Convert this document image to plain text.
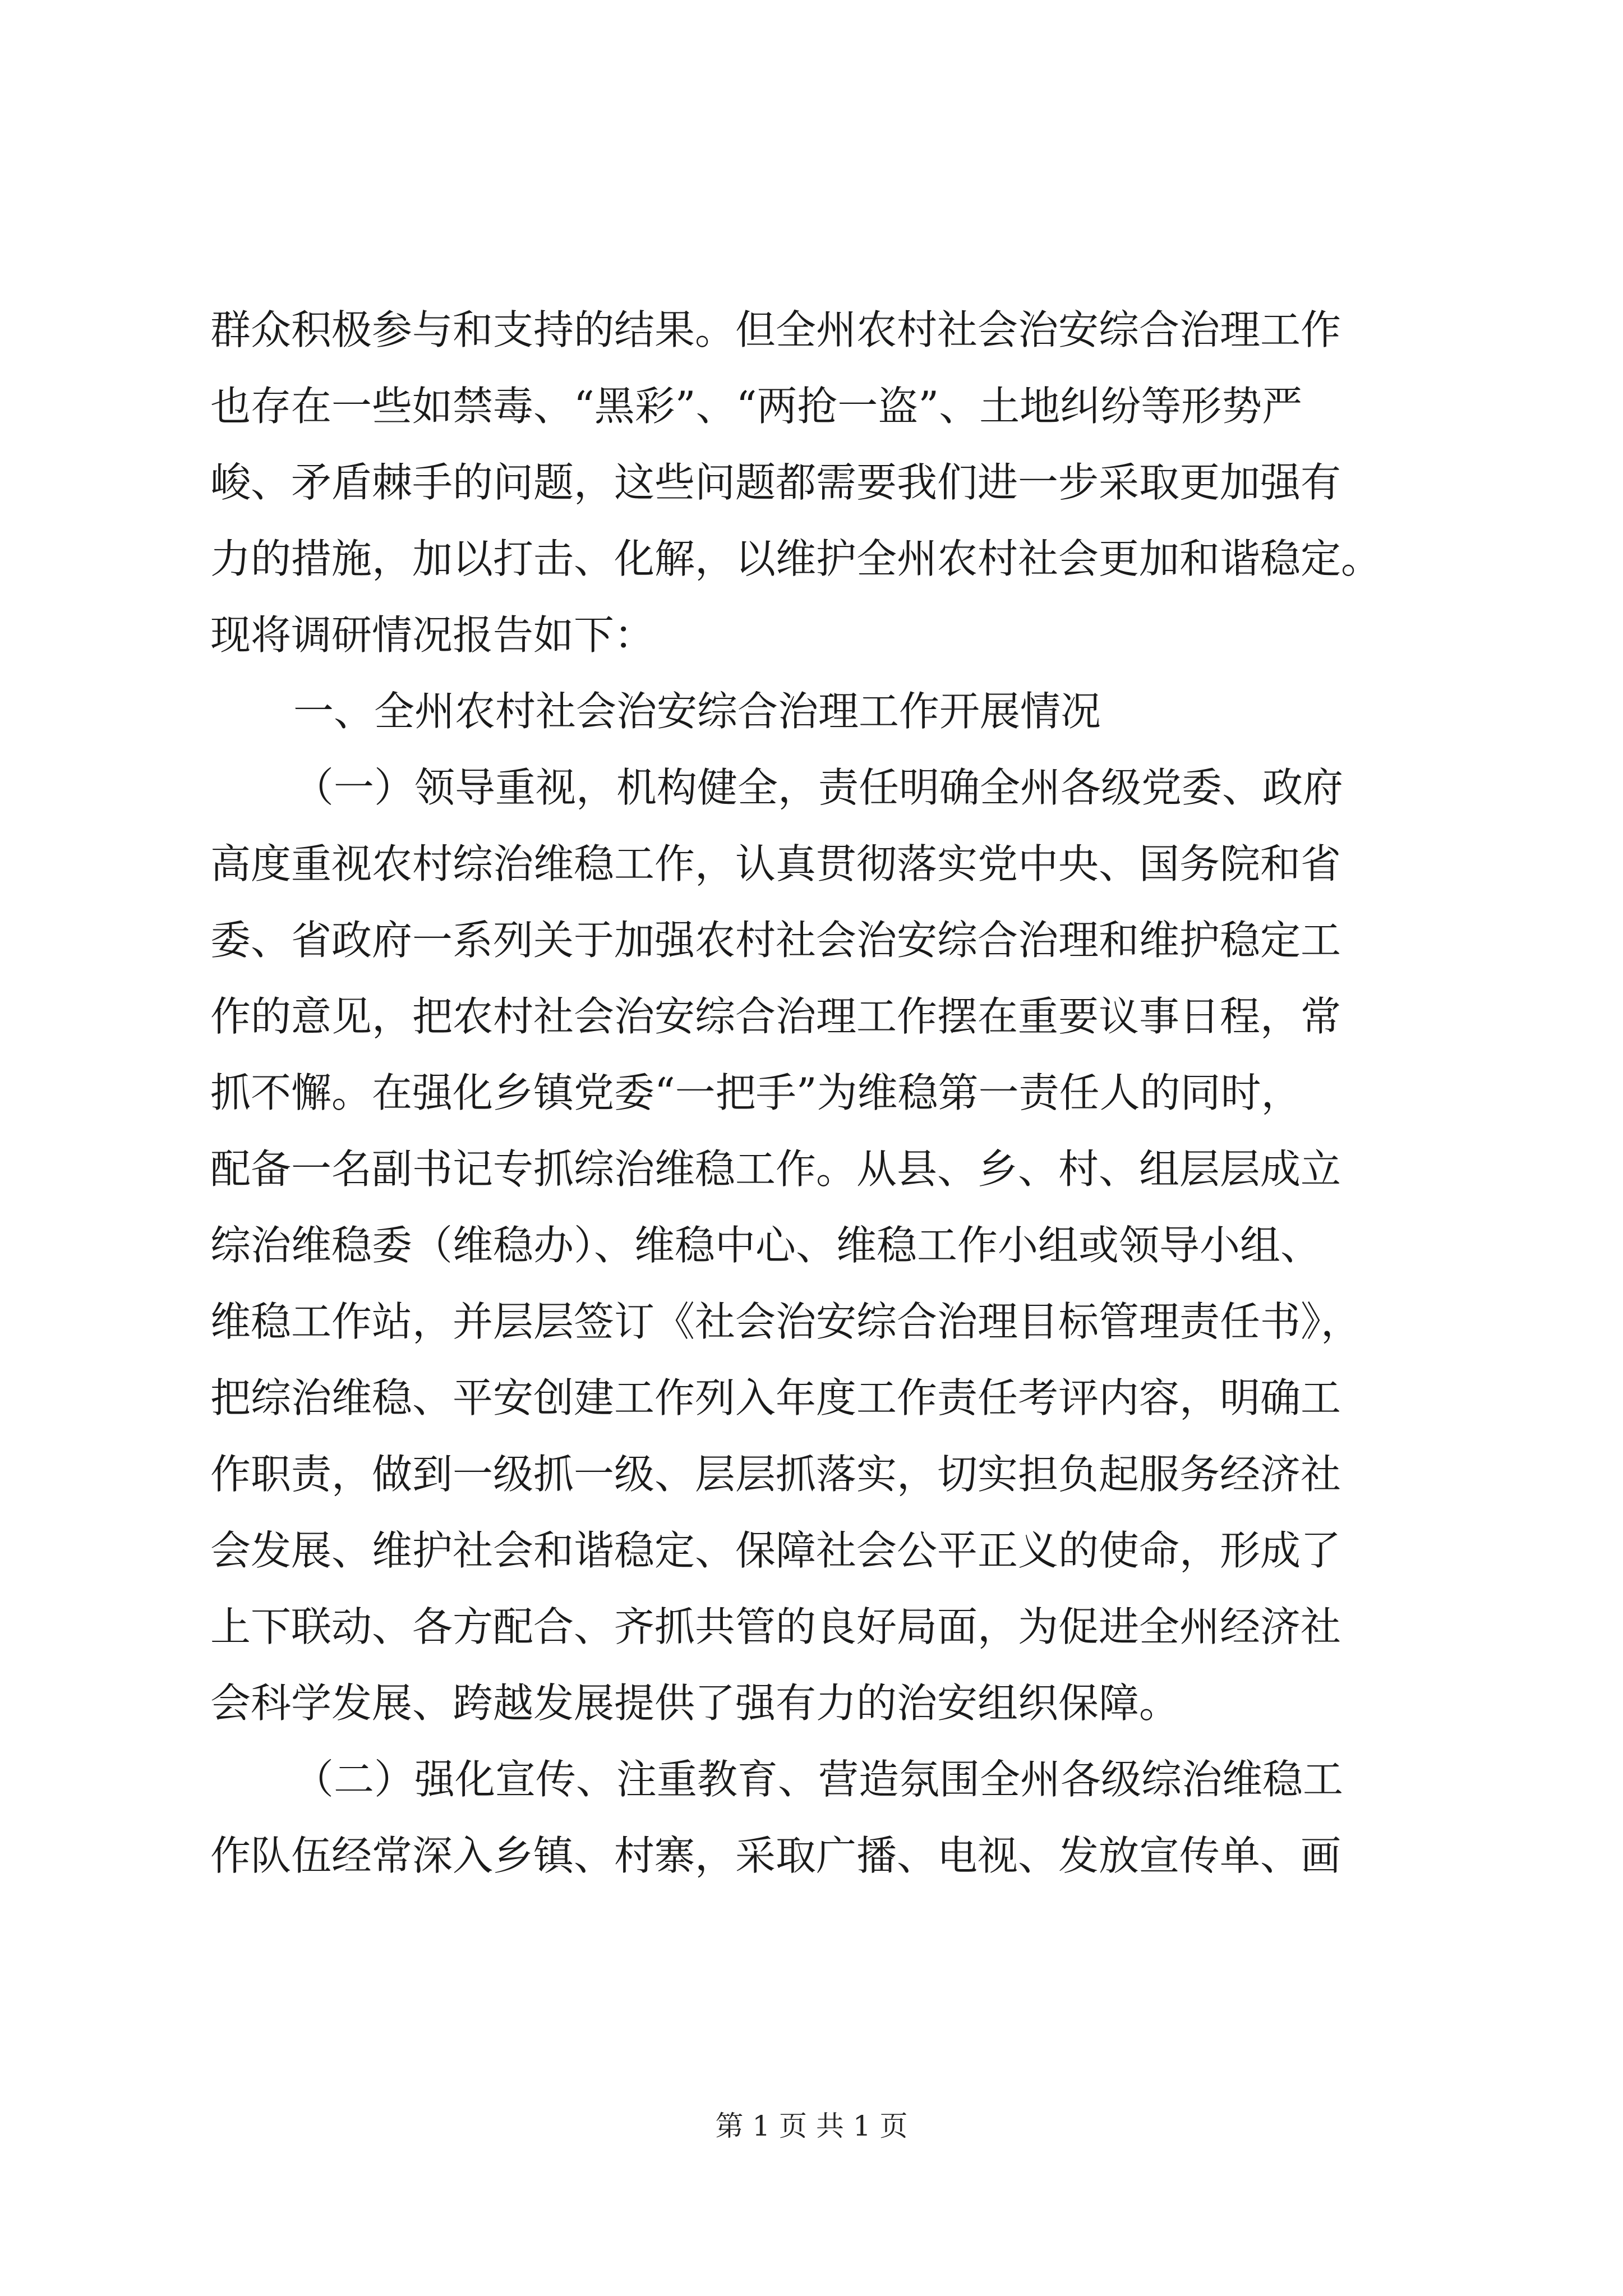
群众积极参与和支持的结果。但全州农村社会治安综合治理工作
也存在一些如禁毒、“黑彩”、“两抢一盗”、土地纠纷等形势严
峻、矛盾棘手的问题，这些问题都需要我们进一步采取更加强有
力的措施，加以打击、化解，以维护全州农村社会更加和谐稳定。
现将调研情况报告如下：
一、全州农村社会治安综合治理工作开展情况
（一）领导重视，机构健全，责任明确全州各级党委、政府
高度重视农村综治维稳工作，认真贯彻落实党中央、国务院和省
委、省政府一系列关于加强农村社会治安综合治理和维护稳定工
作的意见，把农村社会治安综合治理工作摆在重要议事日程，常
抓不懈。在强化乡镇党委“一把手”为维稳第一责任人的同时，
配备一名副书记专抓综治维稳工作。从县、乡、村、组层层成立
综治维稳委（维稳办）、维稳中心、维稳工作小组或领导小组、
维稳工作站，并层层签订《社会治安综合治理目标管理责任书》，
把综治维稳、平安创建工作列入年度工作责任考评内容，明确工
作职责，做到一级抓一级、层层抓落实，切实担负起服务经济社
会发展、维护社会和谐稳定、保障社会公平正义的使命，形成了
上下联动、各方配合、齐抓共管的良好局面，为促进全州经济社
会科学发展、跨越发展提供了强有力的治安组织保障。
（二）强化宣传、注重教育、营造氛围全州各级综治维稳工
作队伍经常深入乡镇、村寨，采取广播、电视、发放宣传单、画
第 1 页 共 1 页
